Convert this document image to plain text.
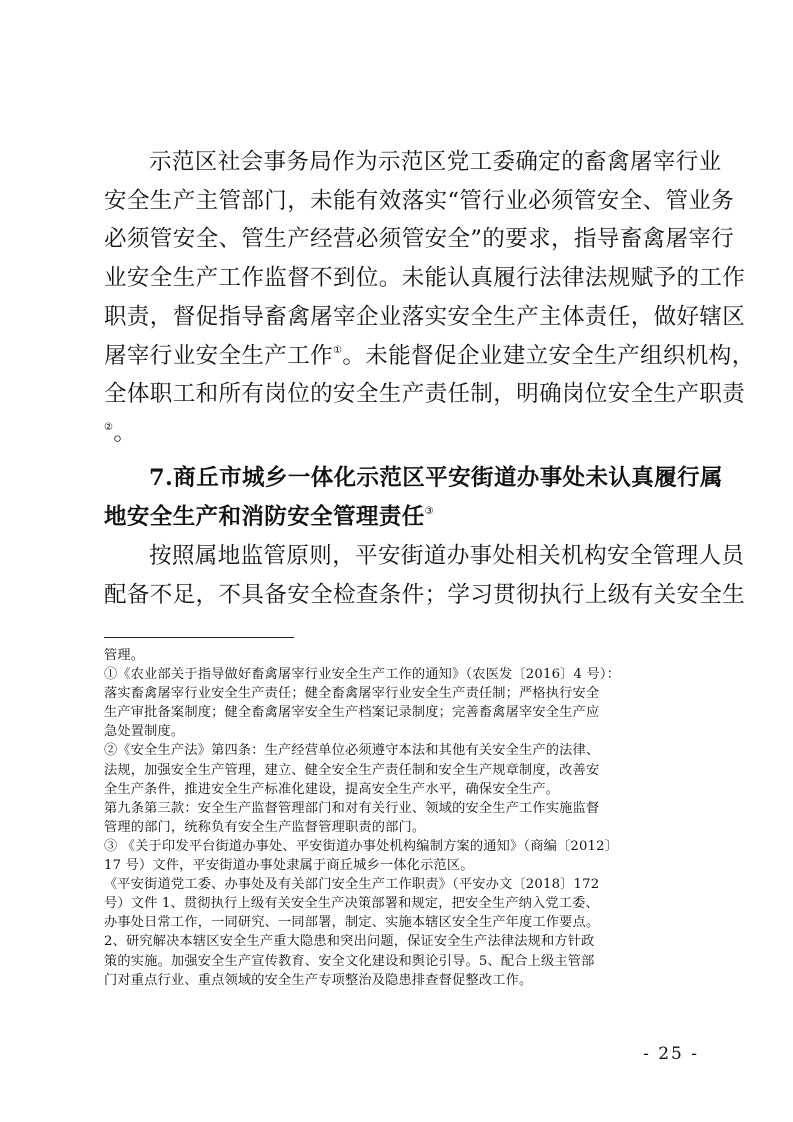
示范区社会事务局作为示范区党工委确定的畜禽屠宰行业

安全生产主管部门，未能有效落实“管行业必须管安全、管业务

必须管安全、管生产经营必须管安全”的要求，指导畜禽屠宰行

业安全生产工作监督不到位。未能认真履行法律法规赋予的工作

职责，督促指导畜禽屠宰企业落实安全生产主体责任，做好辖区

屠宰行业安全生产工作①。未能督促企业建立安全生产组织机构，

全体职工和所有岗位的安全生产责任制，明确岗位安全生产职责

②。

7.商丘市城乡一体化示范区平安街道办事处未认真履行属

地安全生产和消防安全管理责任③

按照属地监管原则，平安街道办事处相关机构安全管理人员

配备不足，不具备安全检查条件；学习贯彻执行上级有关安全生

管理。

①《农业部关于指导做好畜禽屠宰行业安全生产工作的通知》（农医发〔2016〕4 号）：

落实畜禽屠宰行业安全生产责任；健全畜禽屠宰行业安全生产责任制；严格执行安全

生产审批备案制度；健全畜禽屠宰安全生产档案记录制度；完善畜禽屠宰安全生产应

急处置制度。

②《安全生产法》第四条：生产经营单位必须遵守本法和其他有关安全生产的法律、

法规，加强安全生产管理，建立、健全安全生产责任制和安全生产规章制度，改善安

全生产条件，推进安全生产标准化建设，提高安全生产水平，确保安全生产。

第九条第三款：安全生产监督管理部门和对有关行业、领域的安全生产工作实施监督

管理的部门，统称负有安全生产监督管理职责的部门。

③ 《关于印发平台街道办事处、平安街道办事处机构编制方案的通知》（商编〔2012〕

17 号）文件，平安街道办事处隶属于商丘城乡一体化示范区。

《平安街道党工委、办事处及有关部门安全生产工作职责》（平安办文〔2018〕172

号）文件 1、贯彻执行上级有关安全生产决策部署和规定，把安全生产纳入党工委、

办事处日常工作，一同研究、一同部署，制定、实施本辖区安全生产年度工作要点。

2、研究解决本辖区安全生产重大隐患和突出问题，保证安全生产法律法规和方针政

策的实施。加强安全生产宣传教育、安全文化建设和舆论引导。5、配合上级主管部

门对重点行业、重点领域的安全生产专项整治及隐患排查督促整改工作。

- 25 -
